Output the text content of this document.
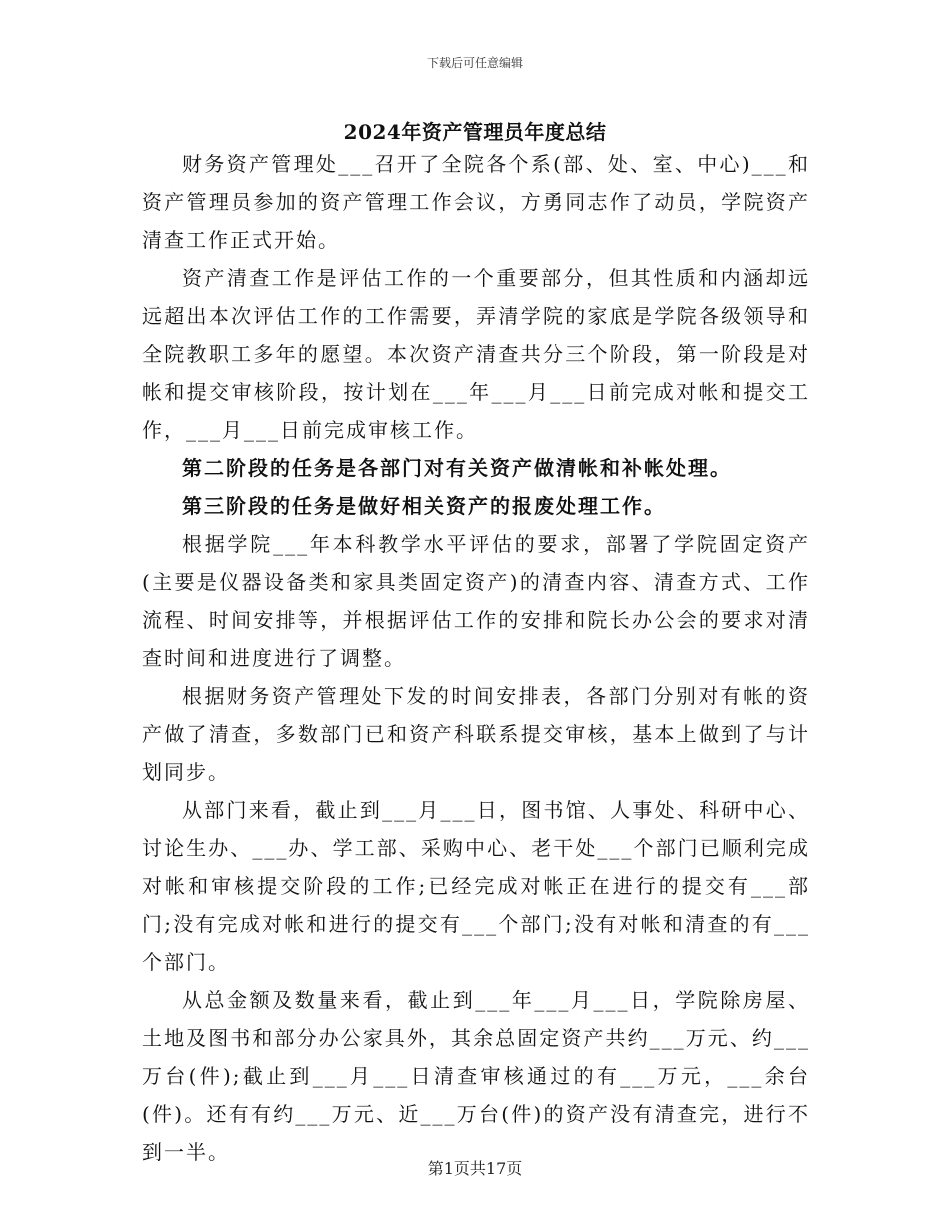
下载后可任意编辑
2024年资产管理员年度总结

财务资产管理处___召开了全院各个系(部、处、室、中心)___和资产管理员参加的资产管理工作会议，方勇同志作了动员，学院资产清查工作正式开始。

资产清查工作是评估工作的一个重要部分，但其性质和内涵却远远超出本次评估工作的工作需要，弄清学院的家底是学院各级领导和全院教职工多年的愿望。本次资产清查共分三个阶段，第一阶段是对帐和提交审核阶段，按计划在___年___月___日前完成对帐和提交工作，___月___日前完成审核工作。

第二阶段的任务是各部门对有关资产做清帐和补帐处理。

第三阶段的任务是做好相关资产的报废处理工作。

根据学院___年本科教学水平评估的要求，部署了学院固定资产(主要是仪器设备类和家具类固定资产)的清查内容、清查方式、工作流程、时间安排等，并根据评估工作的安排和院长办公会的要求对清查时间和进度进行了调整。

根据财务资产管理处下发的时间安排表，各部门分别对有帐的资产做了清查，多数部门已和资产科联系提交审核，基本上做到了与计划同步。

从部门来看，截止到___月___日，图书馆、人事处、科研中心、讨论生办、___办、学工部、采购中心、老干处___个部门已顺利完成对帐和审核提交阶段的工作;已经完成对帐正在进行的提交有___部门;没有完成对帐和进行的提交有___个部门;没有对帐和清查的有___个部门。

从总金额及数量来看，截止到___年___月___日，学院除房屋、土地及图书和部分办公家具外，其余总固定资产共约___万元、约___万台(件);截止到___月___日清查审核通过的有___万元，___余台(件)。还有有约___万元、近___万台(件)的资产没有清查完，进行不到一半。

第1页共17页
